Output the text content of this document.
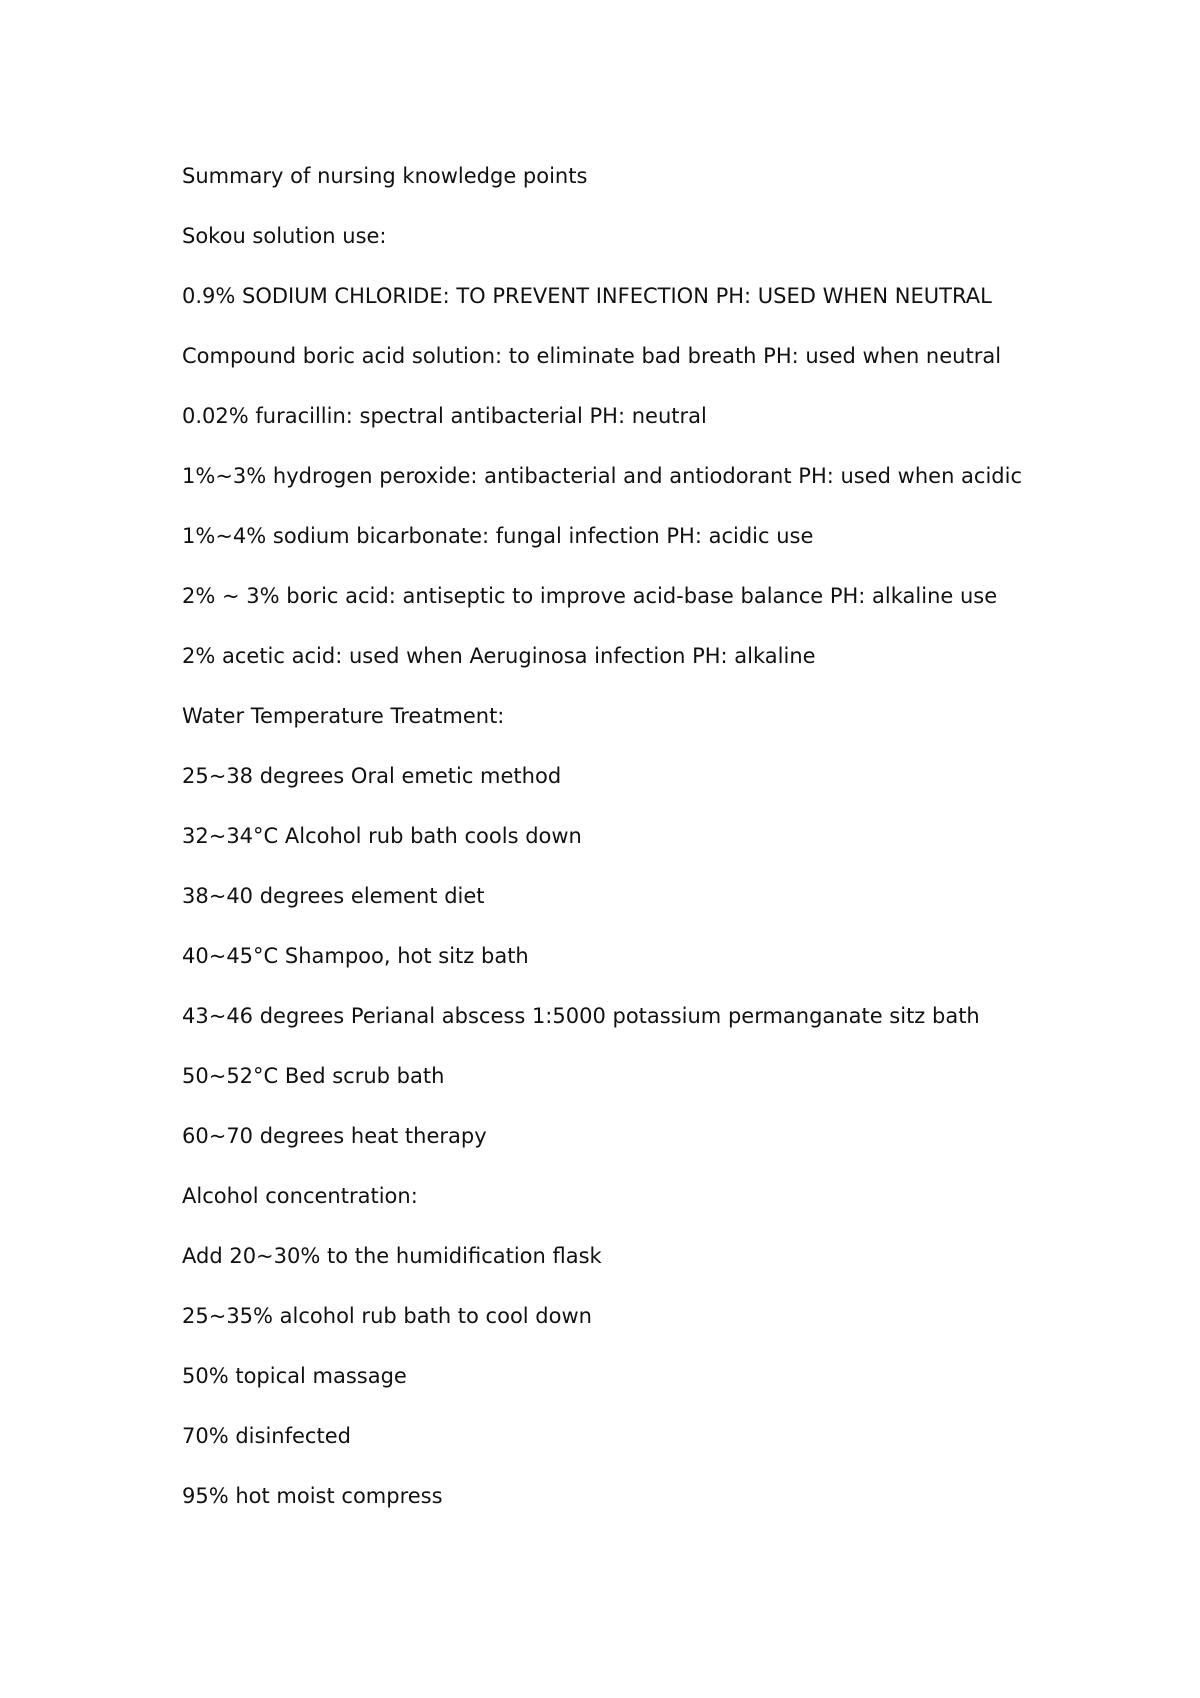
Summary of nursing knowledge points

Sokou solution use:

0.9% SODIUM CHLORIDE: TO PREVENT INFECTION PH: USED WHEN NEUTRAL

Compound boric acid solution: to eliminate bad breath PH: used when neutral

0.02% furacillin: spectral antibacterial PH: neutral

1%~3% hydrogen peroxide: antibacterial and antiodorant PH: used when acidic

1%~4% sodium bicarbonate: fungal infection PH: acidic use

2% ~ 3% boric acid: antiseptic to improve acid-base balance PH: alkaline use

2% acetic acid: used when Aeruginosa infection PH: alkaline

Water Temperature Treatment:

25~38 degrees Oral emetic method

32~34°C Alcohol rub bath cools down

38~40 degrees element diet

40~45°C Shampoo, hot sitz bath

43~46 degrees Perianal abscess 1:5000 potassium permanganate sitz bath

50~52°C Bed scrub bath

60~70 degrees heat therapy

Alcohol concentration:

Add 20~30% to the humidification flask

25~35% alcohol rub bath to cool down

50% topical massage

70% disinfected

95% hot moist compress
